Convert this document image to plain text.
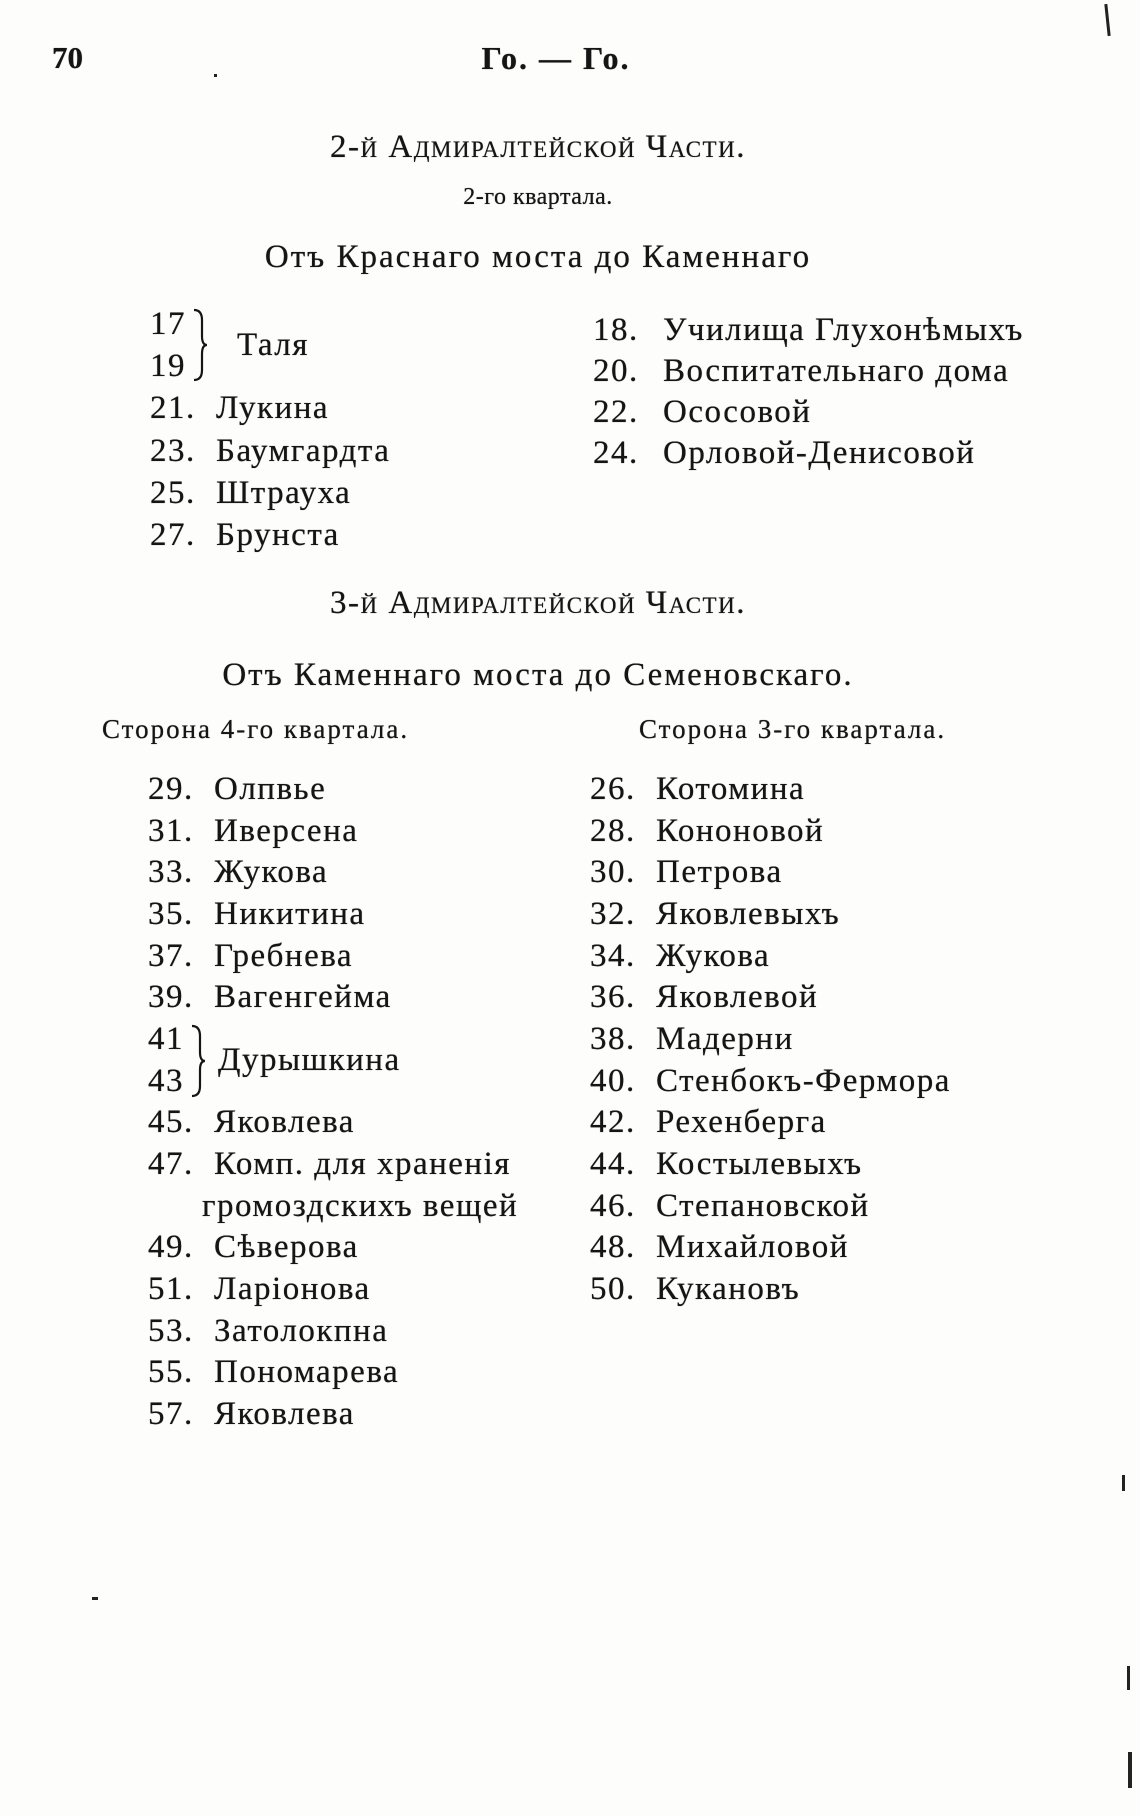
70	Го. — Го.
2-й Адмиралтейской Части.
2-го квартала.
Отъ Краснаго моста до Каменнаго
17
19
Таля
21. Лукина
23. Баумгардта
25. Штрауха
27. Брунста
18. Училища Глухонѣмыхъ
20. Воспитательнаго дома
22. Ососовой
24. Орловой-Денисовой
3-й Адмиралтейской Части.
Отъ Каменнаго моста до Семеновскаго.
Сторона 4-го квартала.	Сторона 3-го квартала.
29. Олпвье
31. Иверсена
33. Жукова
35. Никитина
37. Гребнева
39. Вагенгейма
41
43
Дурышкина
45. Яковлева
47. Комп. для храненія
громоздскихъ вещей
49. Сѣверова
51. Ларіонова
53. Затолокпна
55. Пономарева
57. Яковлева
26. Котомина
28. Кононовой
30. Петрова
32. Яковлевыхъ
34. Жукова
36. Яковлевой
38. Мадерни
40. Стенбокъ-Фермора
42. Рехенберга
44. Костылевыхъ
46. Степановской
48. Михайловой
50. Кукановъ
